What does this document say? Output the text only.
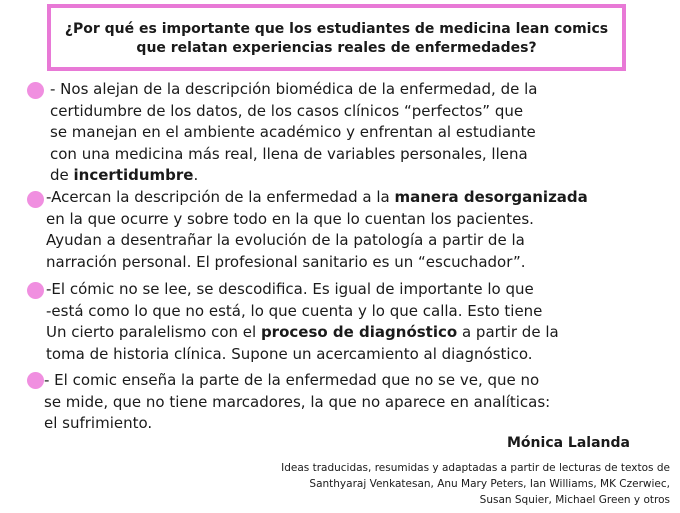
¿Por qué es importante que los estudiantes de medicina lean comics
que relatan experiencias reales de enfermedades?
- Nos alejan de la descripción biomédica de la enfermedad, de la
certidumbre de los datos, de los casos clínicos “perfectos” que
se manejan en el ambiente académico y enfrentan al estudiante
con una medicina más real, llena de variables personales, llena
de incertidumbre.
-Acercan la descripción de la enfermedad a la manera desorganizada
en la que ocurre y sobre todo en la que lo cuentan los pacientes.
Ayudan a desentrañar la evolución de la patología a partir de la
narración personal. El profesional sanitario es un “escuchador”.
-El cómic no se lee, se descodifica. Es igual de importante lo que
-está como lo que no está, lo que cuenta y lo que calla. Esto tiene
Un cierto paralelismo con el proceso de diagnóstico a partir de la
toma de historia clínica. Supone un acercamiento al diagnóstico.
- El comic enseña la parte de la enfermedad que no se ve, que no
se mide, que no tiene marcadores, la que no aparece en analíticas:
el sufrimiento.
Mónica Lalanda
Ideas traducidas, resumidas y adaptadas a partir de lecturas de textos de
Santhyaraj Venkatesan, Anu Mary Peters, Ian Williams, MK Czerwiec,
Susan Squier, Michael Green y otros
